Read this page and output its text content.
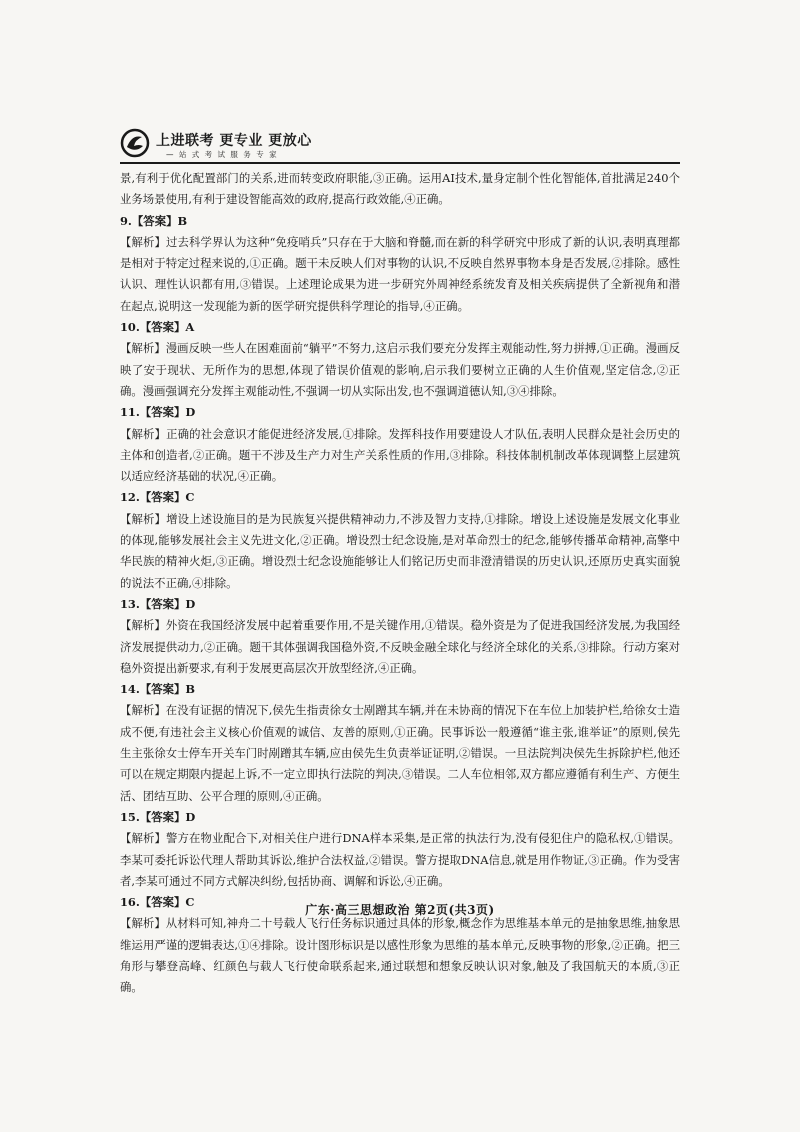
上进联考 更专业 更放心
— 站 式 考 试 服 务 专 家

景,有利于优化配置部门的关系,进而转变政府职能,③正确。运用AI技术,量身定制个性化智能体,首批满足240个业务场景使用,有利于建设智能高效的政府,提高行政效能,④正确。

9.【答案】B

【解析】过去科学界认为这种“免疫哨兵”只存在于大脑和脊髓,而在新的科学研究中形成了新的认识,表明真理都是相对于特定过程来说的,①正确。题干未反映人们对事物的认识,不反映自然界事物本身是否发展,②排除。感性认识、理性认识都有用,③错误。上述理论成果为进一步研究外周神经系统发育及相关疾病提供了全新视角和潜在起点,说明这一发现能为新的医学研究提供科学理论的指导,④正确。

10.【答案】A

【解析】漫画反映一些人在困难面前“躺平”不努力,这启示我们要充分发挥主观能动性,努力拼搏,①正确。漫画反映了安于现状、无所作为的思想,体现了错误价值观的影响,启示我们要树立正确的人生价值观,坚定信念,②正确。漫画强调充分发挥主观能动性,不强调一切从实际出发,也不强调道德认知,③④排除。

11.【答案】D

【解析】正确的社会意识才能促进经济发展,①排除。发挥科技作用要建设人才队伍,表明人民群众是社会历史的主体和创造者,②正确。题干不涉及生产力对生产关系性质的作用,③排除。科技体制机制改革体现调整上层建筑以适应经济基础的状况,④正确。

12.【答案】C

【解析】增设上述设施目的是为民族复兴提供精神动力,不涉及智力支持,①排除。增设上述设施是发展文化事业的体现,能够发展社会主义先进文化,②正确。增设烈士纪念设施,是对革命烈士的纪念,能够传播革命精神,高擎中华民族的精神火炬,③正确。增设烈士纪念设施能够让人们铭记历史而非澄清错误的历史认识,还原历史真实面貌的说法不正确,④排除。

13.【答案】D

【解析】外资在我国经济发展中起着重要作用,不是关键作用,①错误。稳外资是为了促进我国经济发展,为我国经济发展提供动力,②正确。题干其体强调我国稳外资,不反映金融全球化与经济全球化的关系,③排除。行动方案对稳外资提出新要求,有利于发展更高层次开放型经济,④正确。

14.【答案】B

【解析】在没有证据的情况下,侯先生指责徐女士剐蹭其车辆,并在未协商的情况下在车位上加装护栏,给徐女士造成不便,有违社会主义核心价值观的诚信、友善的原则,①正确。民事诉讼一般遵循“谁主张,谁举证”的原则,侯先生主张徐女士停车开关车门时剐蹭其车辆,应由侯先生负责举证证明,②错误。一旦法院判决侯先生拆除护栏,他还可以在规定期限内提起上诉,不一定立即执行法院的判决,③错误。二人车位相邻,双方都应遵循有利生产、方便生活、团结互助、公平合理的原则,④正确。

15.【答案】D

【解析】警方在物业配合下,对相关住户进行DNA样本采集,是正常的执法行为,没有侵犯住户的隐私权,①错误。李某可委托诉讼代理人帮助其诉讼,维护合法权益,②错误。警方提取DNA信息,就是用作物证,③正确。作为受害者,李某可通过不同方式解决纠纷,包括协商、调解和诉讼,④正确。

16.【答案】C

【解析】从材料可知,神舟二十号载人飞行任务标识通过具体的形象,概念作为思维基本单元的是抽象思维,抽象思维运用严谨的逻辑表达,①④排除。设计图形标识是以感性形象为思维的基本单元,反映事物的形象,②正确。把三角形与攀登高峰、红颜色与载人飞行使命联系起来,通过联想和想象反映认识对象,触及了我国航天的本质,③正确。

广东·高三思想政治 第2页(共3页)
